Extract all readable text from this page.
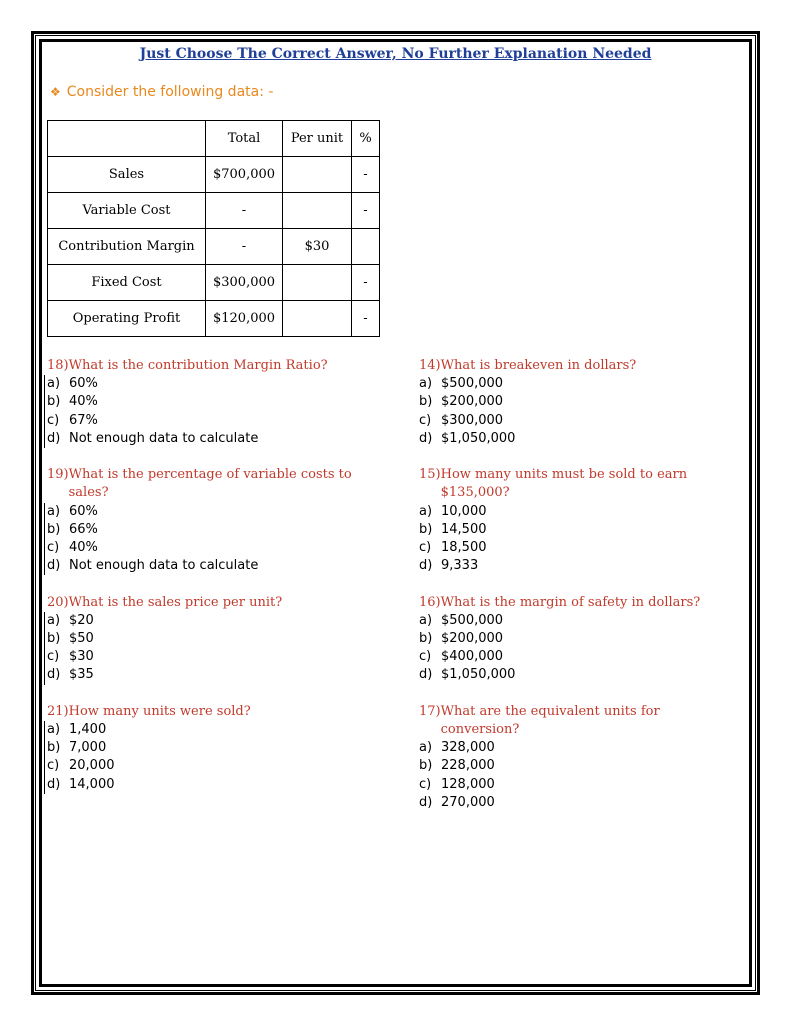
Just Choose The Correct Answer, No Further Explanation Needed
❖ Consider the following data: -
	Total	Per unit	%
Sales	$700,000		-
Variable Cost	-		-
Contribution Margin	-	$30	
Fixed Cost	$300,000		-
Operating Profit	$120,000		-
18) What is the contribution Margin Ratio?
a) 60%
b) 40%
c) 67%
d) Not enough data to calculate
19) What is the percentage of variable costs to sales?
a) 60%
b) 66%
c) 40%
d) Not enough data to calculate
20) What is the sales price per unit?
a) $20
b) $50
c) $30
d) $35
21) How many units were sold?
a) 1,400
b) 7,000
c) 20,000
d) 14,000
14) What is breakeven in dollars?
a) $500,000
b) $200,000
c) $300,000
d) $1,050,000
15) How many units must be sold to earn $135,000?
a) 10,000
b) 14,500
c) 18,500
d) 9,333
16) What is the margin of safety in dollars?
a) $500,000
b) $200,000
c) $400,000
d) $1,050,000
17) What are the equivalent units for conversion?
a) 328,000
b) 228,000
c) 128,000
d) 270,000
